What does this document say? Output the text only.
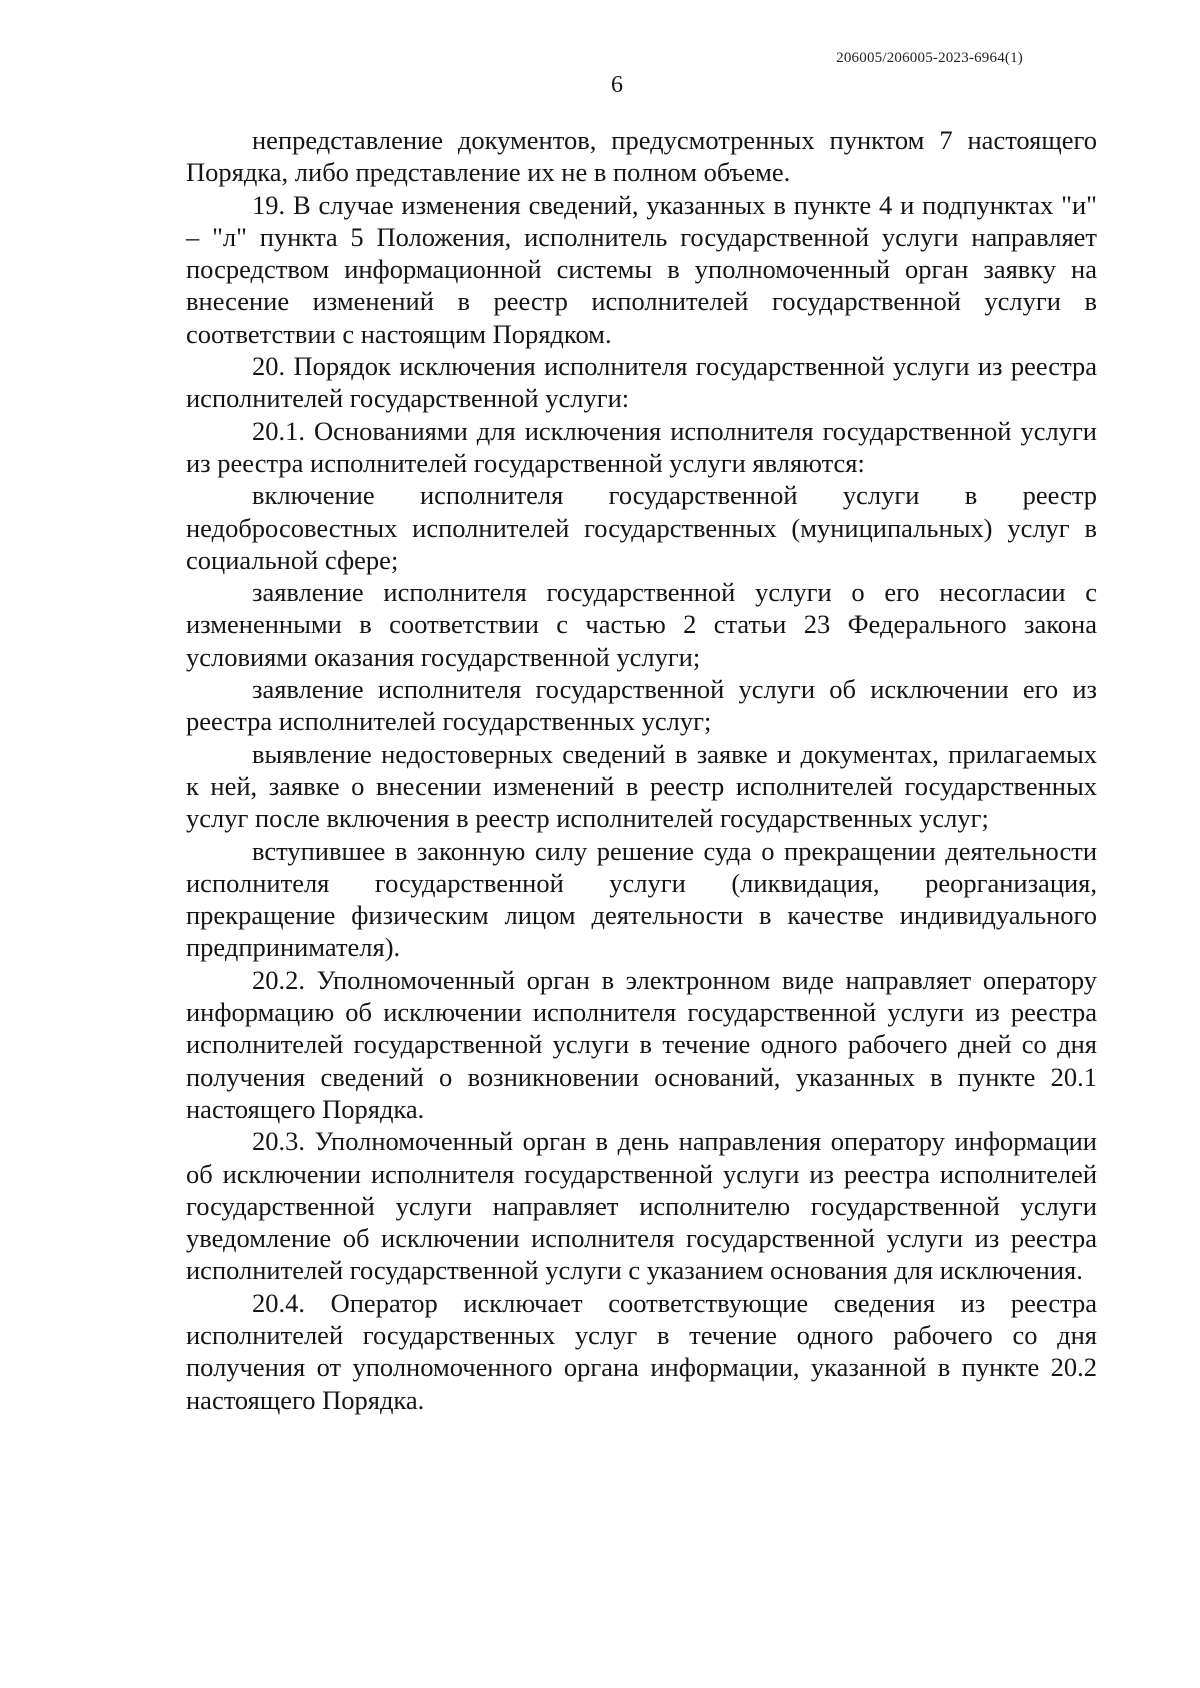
206005/206005-2023-6964(1)
6

непредставление документов, предусмотренных пунктом 7 настоящего Порядка, либо представление их не в полном объеме.

19. В случае изменения сведений, указанных в пункте 4 и подпунктах "и" – "л" пункта 5 Положения, исполнитель государственной услуги направляет посредством информационной системы в уполномоченный орган заявку на внесение изменений в реестр исполнителей государственной услуги в соответствии с настоящим Порядком.

20. Порядок исключения исполнителя государственной услуги из реестра исполнителей государственной услуги:

20.1. Основаниями для исключения исполнителя государственной услуги из реестра исполнителей государственной услуги являются:

включение исполнителя государственной услуги в реестр недобросовестных исполнителей государственных (муниципальных) услуг в социальной сфере;

заявление исполнителя государственной услуги о его несогласии с измененными в соответствии с частью 2 статьи 23 Федерального закона условиями оказания государственной услуги;

заявление исполнителя государственной услуги об исключении его из реестра исполнителей государственных услуг;

выявление недостоверных сведений в заявке и документах, прилагаемых к ней, заявке о внесении изменений в реестр исполнителей государственных услуг после включения в реестр исполнителей государственных услуг;

вступившее в законную силу решение суда о прекращении деятельности исполнителя государственной услуги (ликвидация, реорганизация, прекращение физическим лицом деятельности в качестве индивидуального предпринимателя).

20.2. Уполномоченный орган в электронном виде направляет оператору информацию об исключении исполнителя государственной услуги из реестра исполнителей государственной услуги в течение одного рабочего дней со дня получения сведений о возникновении оснований, указанных в пункте 20.1 настоящего Порядка.

20.3. Уполномоченный орган в день направления оператору информации об исключении исполнителя государственной услуги из реестра исполнителей государственной услуги направляет исполнителю государственной услуги уведомление об исключении исполнителя государственной услуги из реестра исполнителей государственной услуги с указанием основания для исключения.

20.4. Оператор исключает соответствующие сведения из реестра исполнителей государственных услуг в течение одного рабочего со дня получения от уполномоченного органа информации, указанной в пункте 20.2 настоящего Порядка.
